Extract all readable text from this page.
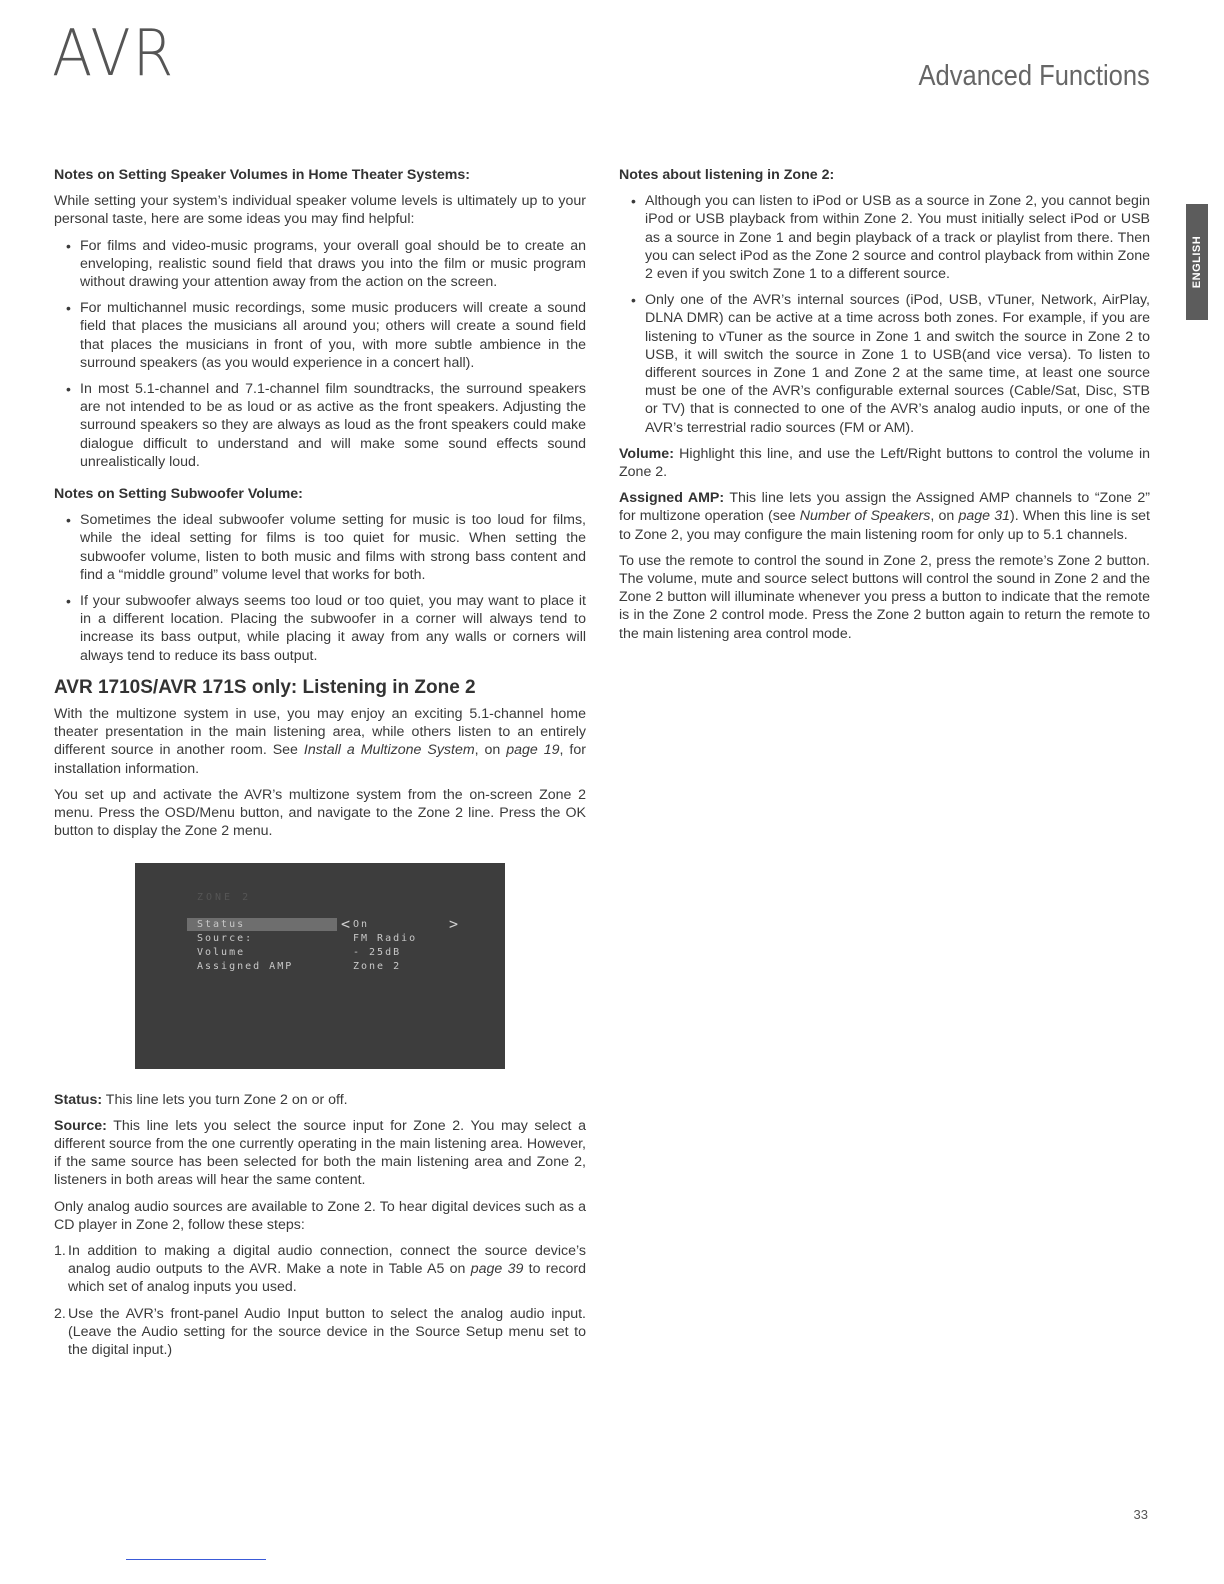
AVR	Advanced Functions
ENGLISH
Notes on Setting Speaker Volumes in Home Theater Systems:

While setting your system’s individual speaker volume levels is ultimately up to your personal taste, here are some ideas you may find helpful:

• For films and video-music programs, your overall goal should be to create an enveloping, realistic sound field that draws you into the film or music program without drawing your attention away from the action on the screen.
• For multichannel music recordings, some music producers will create a sound field that places the musicians all around you; others will create a sound field that places the musicians in front of you, with more subtle ambience in the surround speakers (as you would experience in a concert hall).
• In most 5.1-channel and 7.1-channel film soundtracks, the surround speakers are not intended to be as loud or as active as the front speakers. Adjusting the surround speakers so they are always as loud as the front speakers could make dialogue difficult to understand and will make some sound effects sound unrealistically loud.
Notes on Setting Subwoofer Volume:
• Sometimes the ideal subwoofer volume setting for music is too loud for films, while the ideal setting for films is too quiet for music. When setting the subwoofer volume, listen to both music and films with strong bass content and find a “middle ground” volume level that works for both.
• If your subwoofer always seems too loud or too quiet, you may want to place it in a different location. Placing the subwoofer in a corner will always tend to increase its bass output, while placing it away from any walls or corners will always tend to reduce its bass output.
AVR 1710S/AVR 171S only: Listening in Zone 2

With the multizone system in use, you may enjoy an exciting 5.1-channel home theater presentation in the main listening area, while others listen to an entirely different source in another room. See Install a Multizone System, on page 19, for installation information.

You set up and activate the AVR’s multizone system from the on-screen Zone 2 menu. Press the OSD/Menu button, and navigate to the Zone 2 line. Press the OK button to display the Zone 2 menu.

ZONE 2
Status	< On	>
Source:	FM Radio
Volume	- 25dB
Assigned AMP	Zone 2

Status: This line lets you turn Zone 2 on or off.

Source: This line lets you select the source input for Zone 2. You may select a different source from the one currently operating in the main listening area. However, if the same source has been selected for both the main listening area and Zone 2, listeners in both areas will hear the same content.

Only analog audio sources are available to Zone 2. To hear digital devices such as a CD player in Zone 2, follow these steps:

1. In addition to making a digital audio connection, connect the source device’s analog audio outputs to the AVR. Make a note in Table A5 on page 39 to record which set of analog inputs you used.
2. Use the AVR’s front-panel Audio Input button to select the analog audio input. (Leave the Audio setting for the source device in the Source Setup menu set to the digital input.)
Notes about listening in Zone 2:
• Although you can listen to iPod or USB as a source in Zone 2, you cannot begin iPod or USB playback from within Zone 2. You must initially select iPod or USB as a source in Zone 1 and begin playback of a track or playlist from there. Then you can select iPod as the Zone 2 source and control playback from within Zone 2 even if you switch Zone 1 to a different source.
• Only one of the AVR’s internal sources (iPod, USB, vTuner, Network, AirPlay, DLNA DMR) can be active at a time across both zones. For example, if you are listening to vTuner as the source in Zone 1 and switch the source in Zone 2 to USB, it will switch the source in Zone 1 to USB(and vice versa). To listen to different sources in Zone 1 and Zone 2 at the same time, at least one source must be one of the AVR’s configurable external sources (Cable/Sat, Disc, STB or TV) that is connected to one of the AVR’s analog audio inputs, or one of the AVR’s terrestrial radio sources (FM or AM).

Volume: Highlight this line, and use the Left/Right buttons to control the volume in Zone 2.

Assigned AMP: This line lets you assign the Assigned AMP channels to “Zone 2” for multizone operation (see Number of Speakers, on page 31). When this line is set to Zone 2, you may configure the main listening room for only up to 5.1 channels.

To use the remote to control the sound in Zone 2, press the remote’s Zone 2 button. The volume, mute and source select buttons will control the sound in Zone 2 and the Zone 2 button will illuminate whenever you press a button to indicate that the remote is in the Zone 2 control mode. Press the Zone 2 button again to return the remote to the main listening area control mode.

33
